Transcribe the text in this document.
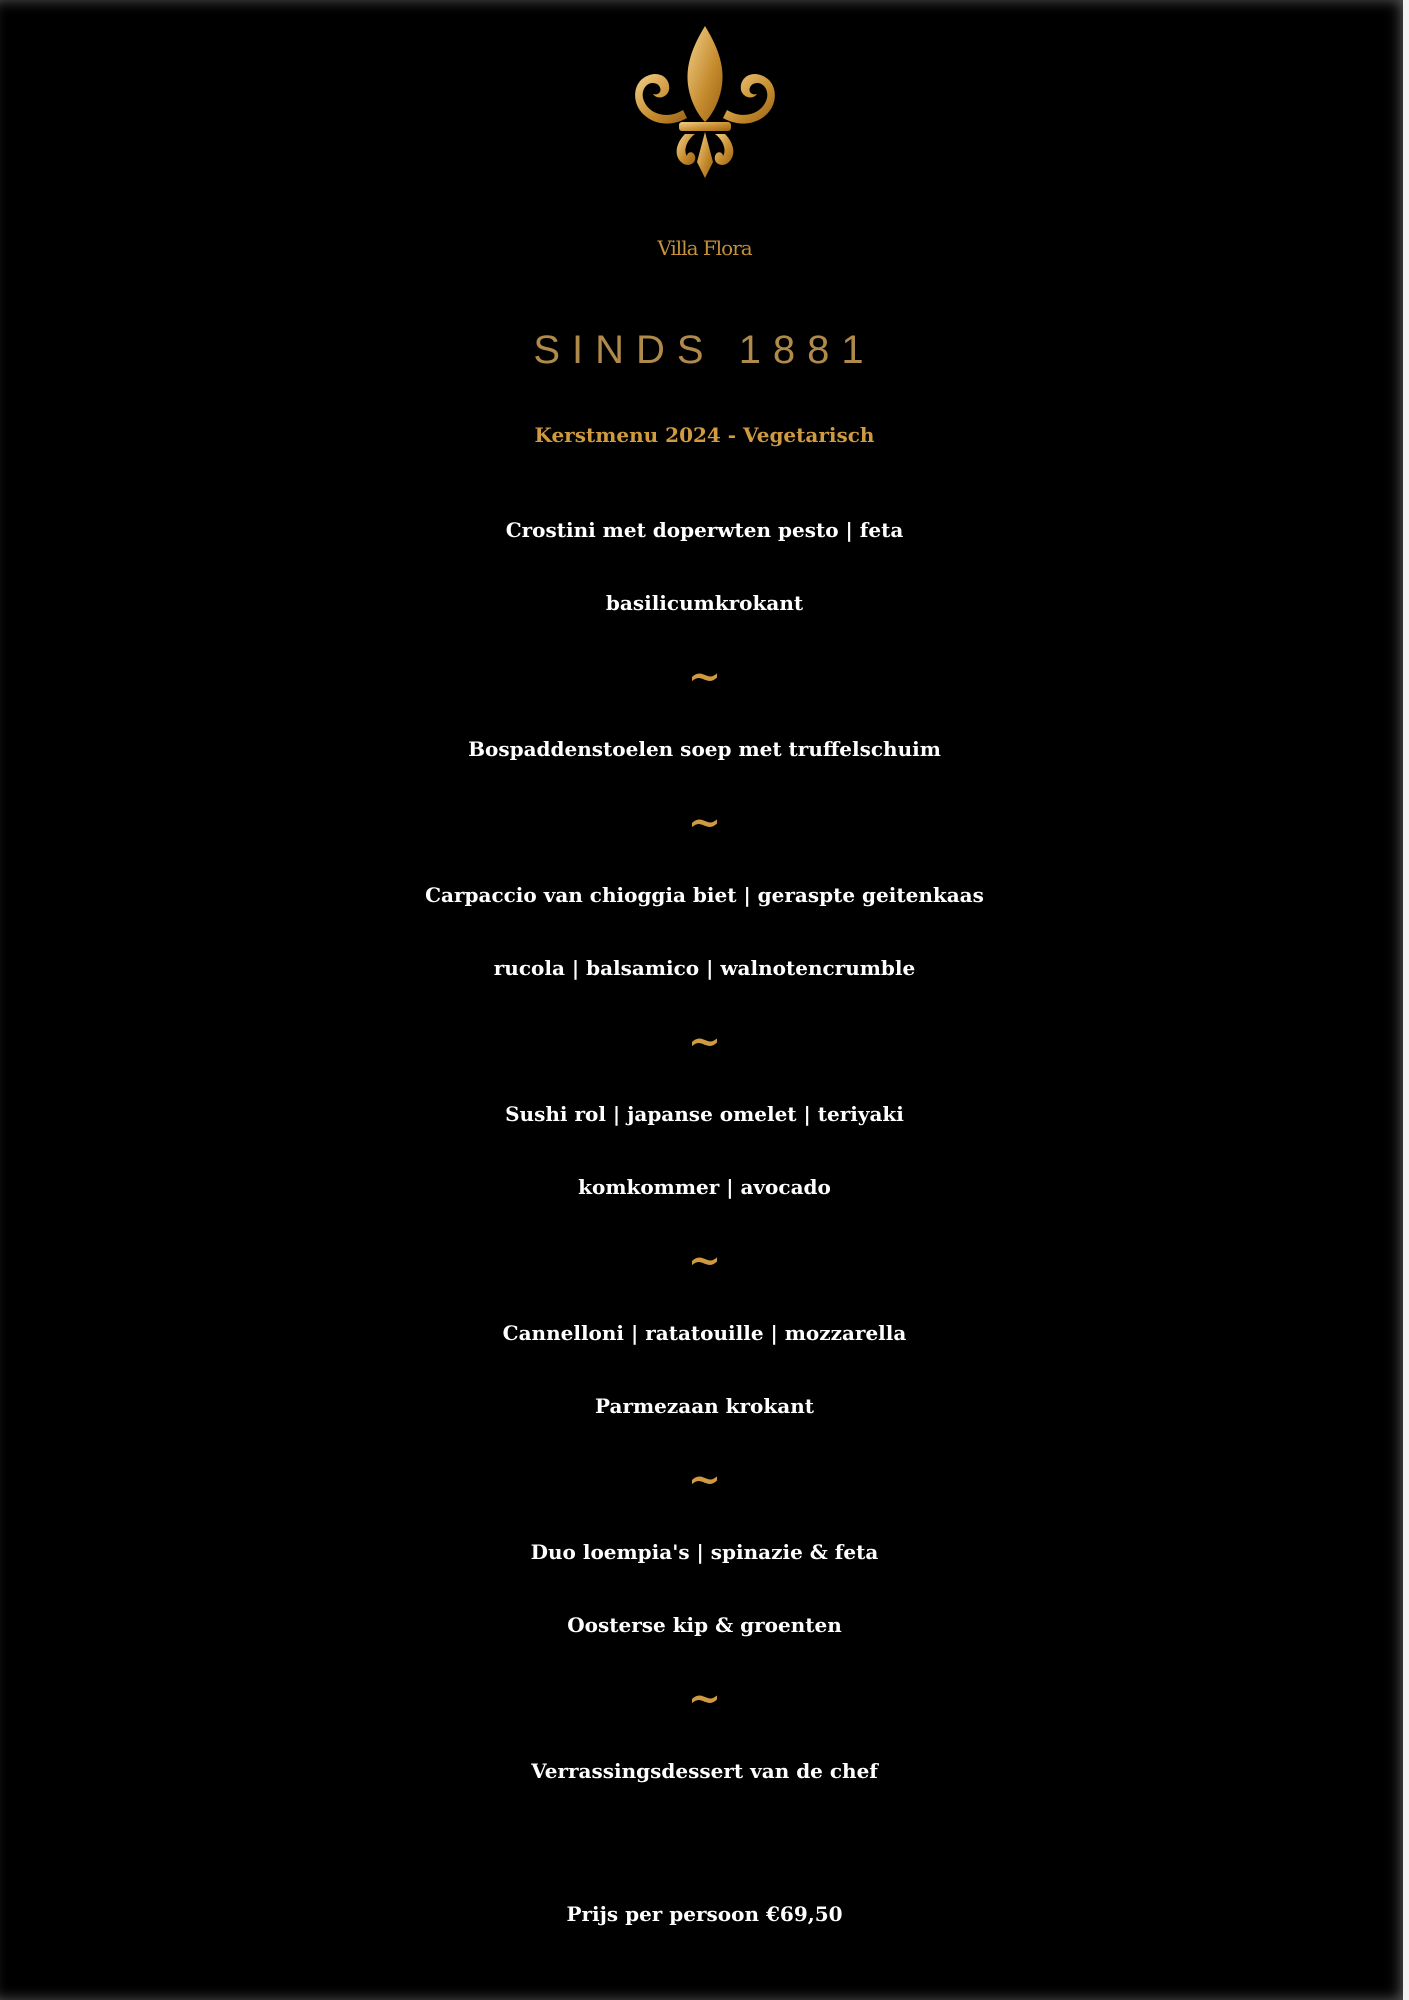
Villa Flora
SINDS 1881
Kerstmenu 2024 - Vegetarisch
Crostini met doperwten pesto | feta
basilicumkrokant
~
Bospaddenstoelen soep met truffelschuim
~
Carpaccio van chioggia biet | geraspte geitenkaas
rucola | balsamico | walnotencrumble
~
Sushi rol | japanse omelet | teriyaki
komkommer | avocado
~
Cannelloni | ratatouille | mozzarella
Parmezaan krokant
~
Duo loempia's | spinazie & feta
Oosterse kip & groenten
~
Verrassingsdessert van de chef
Prijs per persoon €69,50
